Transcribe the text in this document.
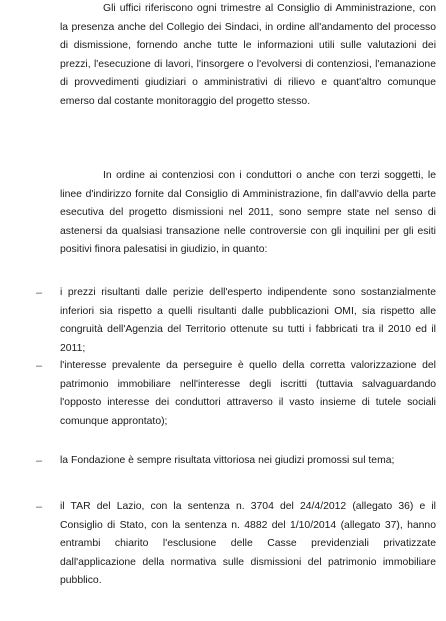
Gli uffici riferiscono ogni trimestre al Consiglio di Amministrazione, con la presenza anche del Collegio dei Sindaci, in ordine all'andamento del processo di dismissione, fornendo anche tutte le informazioni utili sulle valutazioni dei prezzi, l'esecuzione di lavori, l'insorgere o l'evolversi di contenziosi, l'emanazione di provvedimenti giudiziari o amministrativi di rilievo e quant'altro comunque emerso dal costante monitoraggio del progetto stesso.

In ordine ai contenziosi con i conduttori o anche con terzi soggetti, le linee d'indirizzo fornite dal Consiglio di Amministrazione, fin dall'avvio della parte esecutiva del progetto dismissioni nel 2011, sono sempre state nel senso di astenersi da qualsiasi transazione nelle controversie con gli inquilini per gli esiti positivi finora palesatisi in giudizio, in quanto:

– i prezzi risultanti dalle perizie dell'esperto indipendente sono sostanzialmente inferiori sia rispetto a quelli risultanti dalle pubblicazioni OMI, sia rispetto alle congruità dell'Agenzia del Territorio ottenute su tutti i fabbricati tra il 2010 ed il 2011;

– l'interesse prevalente da perseguire è quello della corretta valorizzazione del patrimonio immobiliare nell'interesse degli iscritti (tuttavia salvaguardando l'opposto interesse dei conduttori attraverso il vasto insieme di tutele sociali comunque approntato);

– la Fondazione è sempre risultata vittoriosa nei giudizi promossi sul tema;

– il TAR del Lazio, con la sentenza n. 3704 del 24/4/2012 (allegato 36) e il Consiglio di Stato, con la sentenza n. 4882 del 1/10/2014 (allegato 37), hanno entrambi chiarito l'esclusione delle Casse previdenziali privatizzate dall'applicazione della normativa sulle dismissioni del patrimonio immobiliare pubblico.
